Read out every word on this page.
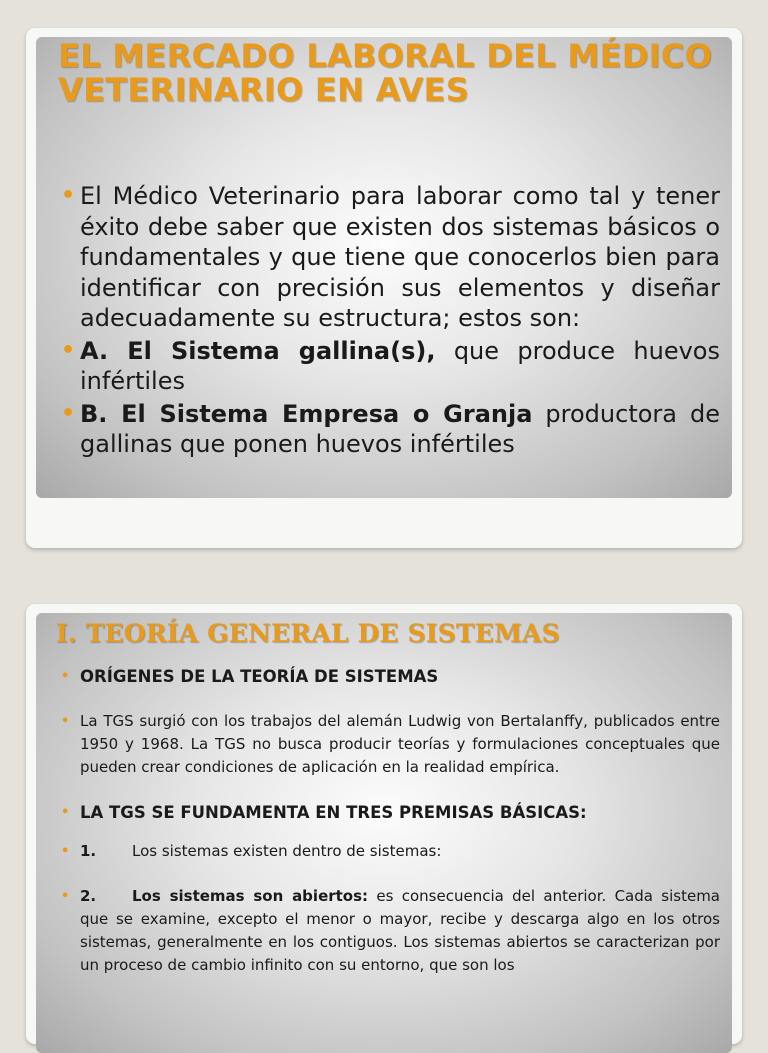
EL MERCADO LABORAL DEL MÉDICO VETERINARIO EN AVES
• El Médico Veterinario para laborar como tal y tener éxito debe saber que existen dos sistemas básicos o fundamentales y que tiene que conocerlos bien para identificar con precisión sus elementos y diseñar adecuadamente su estructura; estos son:
• A. El Sistema gallina(s), que produce huevos infértiles
• B. El Sistema Empresa o Granja productora de gallinas que ponen huevos infértiles
I. TEORÍA GENERAL DE SISTEMAS
• ORÍGENES DE LA TEORÍA DE SISTEMAS
• La TGS surgió con los trabajos del alemán Ludwig von Bertalanffy, publicados entre 1950 y 1968. La TGS no busca producir teorías y formulaciones conceptuales que pueden crear condiciones de aplicación en la realidad empírica.
• LA TGS SE FUNDAMENTA EN TRES PREMISAS BÁSICAS:
• 1. Los sistemas existen dentro de sistemas:
• 2. Los sistemas son abiertos: es consecuencia del anterior. Cada sistema que se examine, excepto el menor o mayor, recibe y descarga algo en los otros sistemas, generalmente en los contiguos. Los sistemas abiertos se caracterizan por un proceso de cambio infinito con su entorno, que son los
